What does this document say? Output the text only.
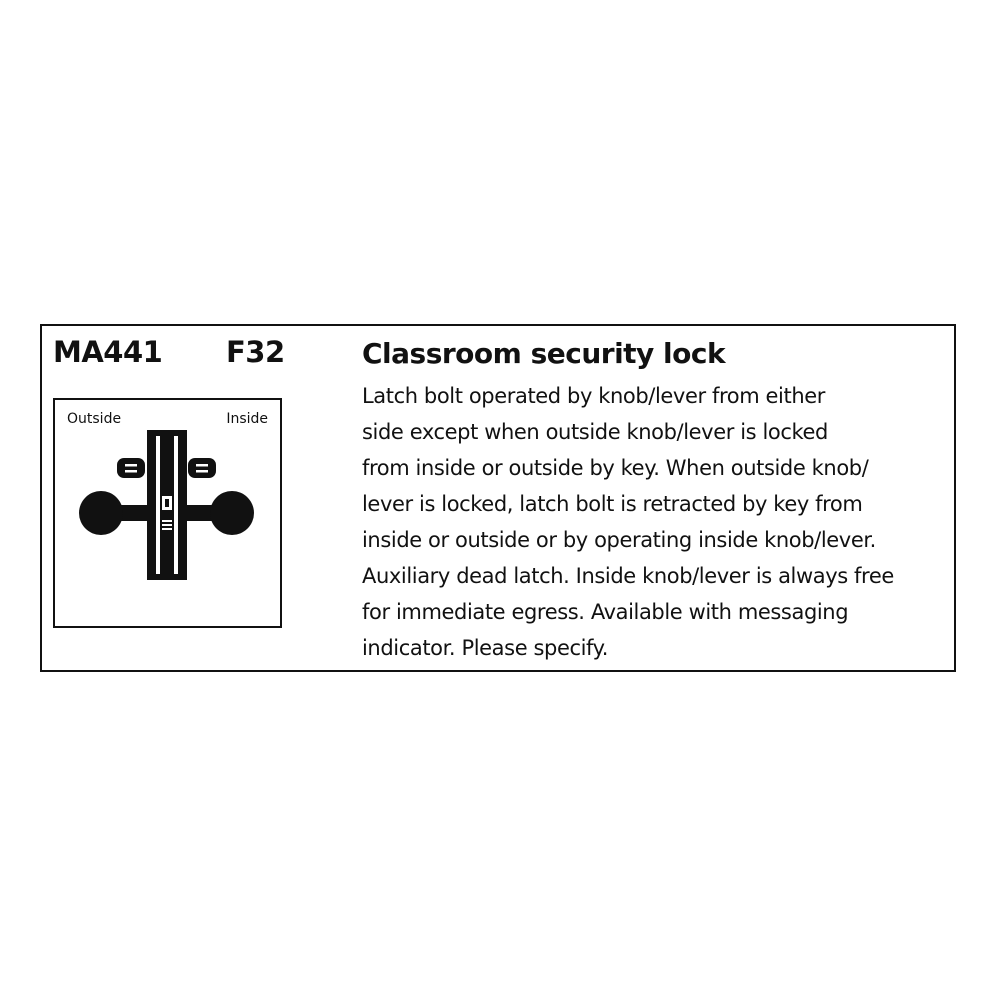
MA441 F32
Outside	Inside
Classroom security lock
Latch bolt operated by knob/lever from either
side except when outside knob/lever is locked
from inside or outside by key. When outside knob/
lever is locked, latch bolt is retracted by key from
inside or outside or by operating inside knob/lever.
Auxiliary dead latch. Inside knob/lever is always free
for immediate egress. Available with messaging
indicator. Please specify.
